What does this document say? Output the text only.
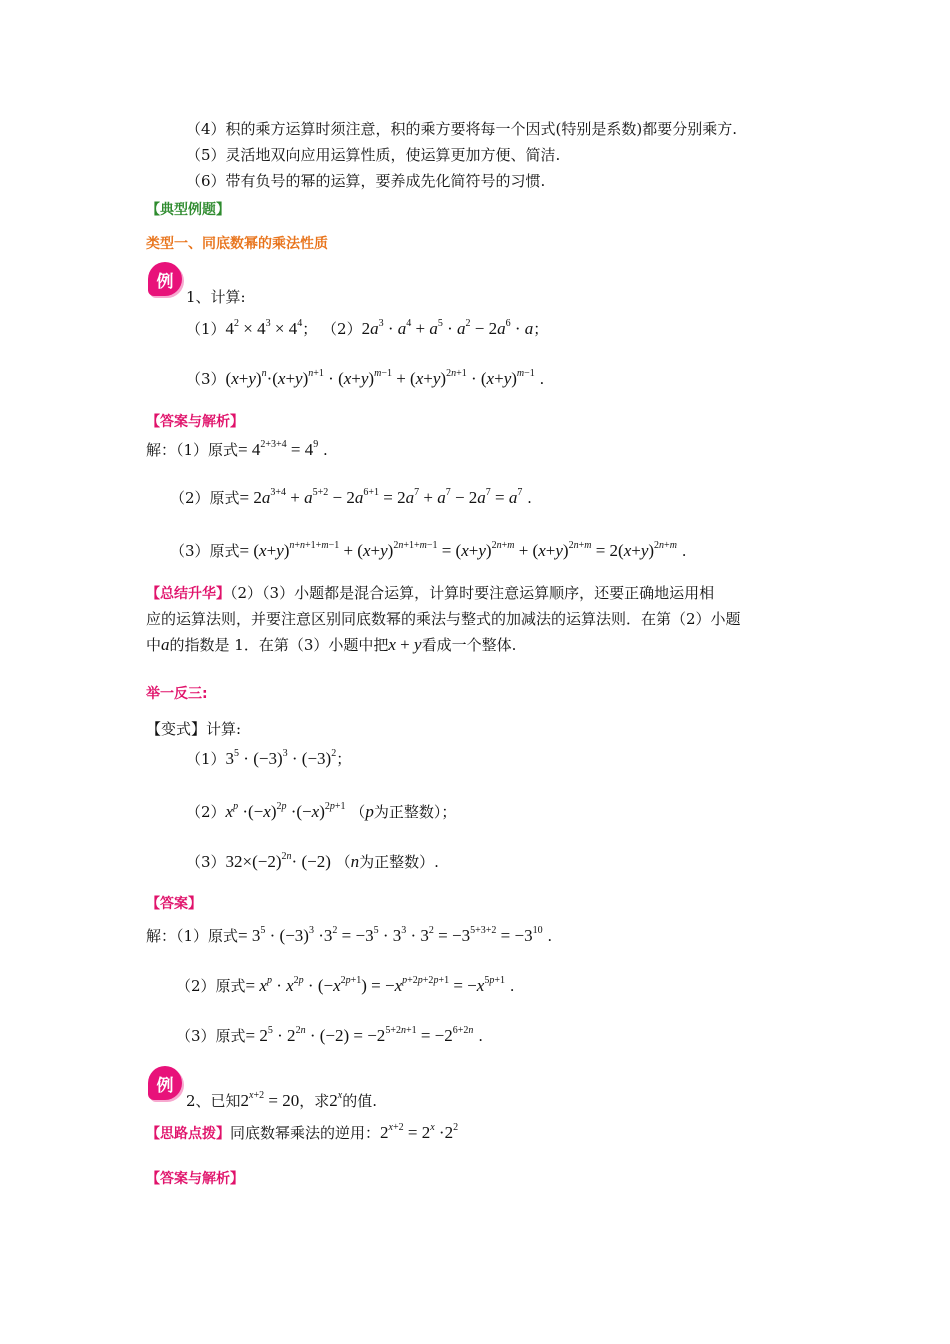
（4）积的乘方运算时须注意，积的乘方要将每一个因式(特别是系数)都要分别乘方.
（5）灵活地双向应用运算性质，使运算更加方便、简洁.
（6）带有负号的幂的运算，要养成先化简符号的习惯.
【典型例题】
类型一、同底数幂的乘法性质
例
1、计算:
$(1)4^2 \times 4^3 \times 4^4$； $(2)2a^3 \cdot a^4 + a^5 \cdot a^2 - 2a^6 \cdot a$；
$(3)(x+y)^n\cdot(x+y)^{n+1} \cdot (x+y)^{m-1} + (x+y)^{2n+1} \cdot (x+y)^{m-1}$ .
【答案与解析】
解：（1）原式= $4^{2+3+4} = 4^9$ .
（2）原式= $2a^{3+4} + a^{5+2} - 2a^{6+1} = 2a^7 + a^7 - 2a^7 = a^7$ .
（3）原式= $(x+y)^{n+n+1+m-1} + (x+y)^{2n+1+m-1} = (x+y)^{2n+m} + (x+y)^{2n+m} = 2(x+y)^{2n+m}$ .
【总结升华】（2）（3）小题都是混合运算，计算时要注意运算顺序，还要正确地运用相
应的运算法则，并要注意区别同底数幂的乘法与整式的加减法的运算法则．在第（2）小题
中a的指数是 1．在第（3）小题中把x + y看成一个整体.
举一反三:
【变式】计算:
$(1)3^5 \cdot (-3)^3 \cdot (-3)^2$；
$(2)x^p \cdot(-x)^{2p} \cdot(-x)^{2p+1}$ （p为正整数）；
$(3)32\times(-2)^{2n}\cdot (-2)$ （n为正整数）.
【答案】
解：（1）原式= $3^5 \cdot (-3)^3 \cdot 3^2 = -3^5 \cdot 3^3 \cdot 3^2 = -3^{5+3+2} = -3^{10}$ .
（2）原式= $x^p \cdot x^{2p} \cdot (-x^{2p+1}) = -x^{p+2p+2p+1} = -x^{5p+1}$ .
（3）原式= $2^5 \cdot 2^{2n} \cdot (-2) = -2^{5+2n+1} = -2^{6+2n}$ .
例
2、已知$2^{x+2} = 20$，求2$^x$的值.
【思路点拨】同底数幂乘法的逆用：$2^{x+2} = 2^x \cdot 2^2$
【答案与解析】
